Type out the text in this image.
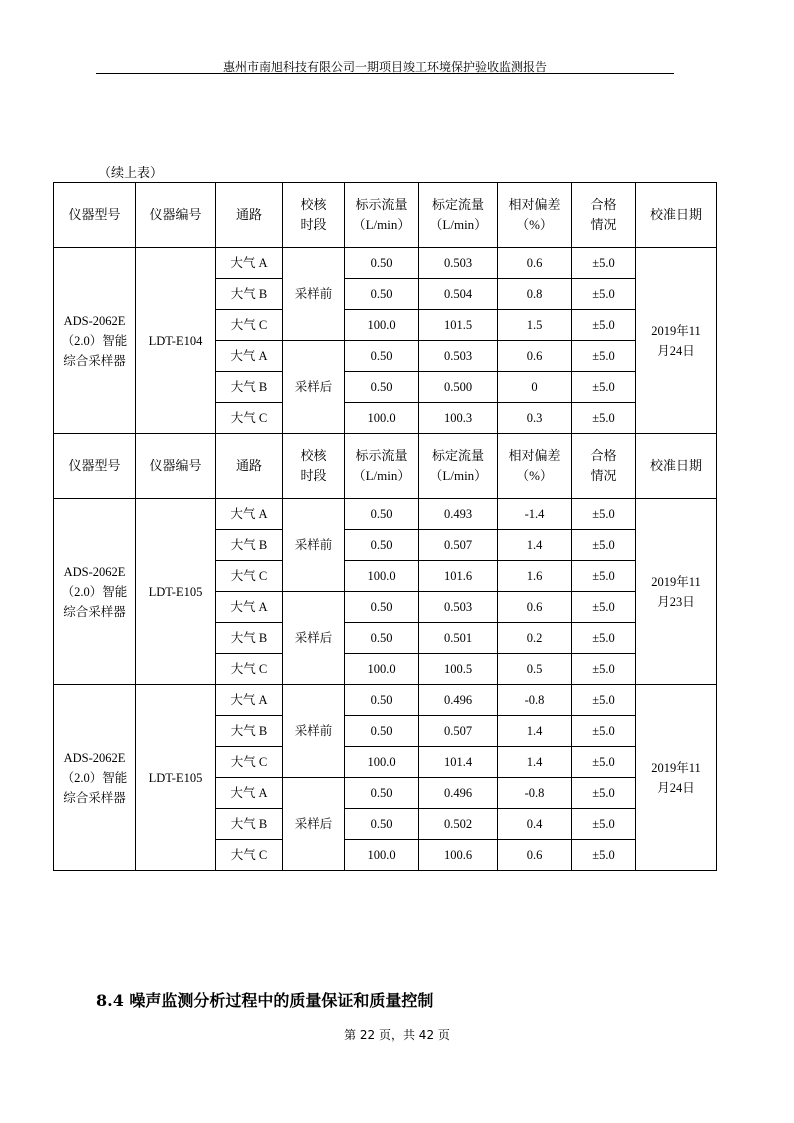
惠州市南旭科技有限公司一期项目竣工环境保护验收监测报告
（续上表）
仪器型号	仪器编号	通路	校核时段	标示流量（L/min）	标定流量（L/min）	相对偏差（%）	合格情况	校准日期
ADS-2062E（2.0）智能综合采样器	LDT-E104	大气 A	采样前	0.50	0.503	0.6	±5.0	2019年11月24日
		大气 B		0.50	0.504	0.8	±5.0	
		大气 C		100.0	101.5	1.5	±5.0	
		大气 A	采样后	0.50	0.503	0.6	±5.0	
		大气 B		0.50	0.500	0	±5.0	
		大气 C		100.0	100.3	0.3	±5.0	
仪器型号	仪器编号	通路	校核时段	标示流量（L/min）	标定流量（L/min）	相对偏差（%）	合格情况	校准日期
ADS-2062E（2.0）智能综合采样器	LDT-E105	大气 A	采样前	0.50	0.493	-1.4	±5.0	2019年11月23日
		大气 B		0.50	0.507	1.4	±5.0	
		大气 C		100.0	101.6	1.6	±5.0	
		大气 A	采样后	0.50	0.503	0.6	±5.0	
		大气 B		0.50	0.501	0.2	±5.0	
		大气 C		100.0	100.5	0.5	±5.0	
ADS-2062E（2.0）智能综合采样器	LDT-E105	大气 A	采样前	0.50	0.496	-0.8	±5.0	2019年11月24日
		大气 B		0.50	0.507	1.4	±5.0	
		大气 C		100.0	101.4	1.4	±5.0	
		大气 A	采样后	0.50	0.496	-0.8	±5.0	
		大气 B		0.50	0.502	0.4	±5.0	
		大气 C		100.0	100.6	0.6	±5.0	
8.4 噪声监测分析过程中的质量保证和质量控制
第 22 页，共 42 页
